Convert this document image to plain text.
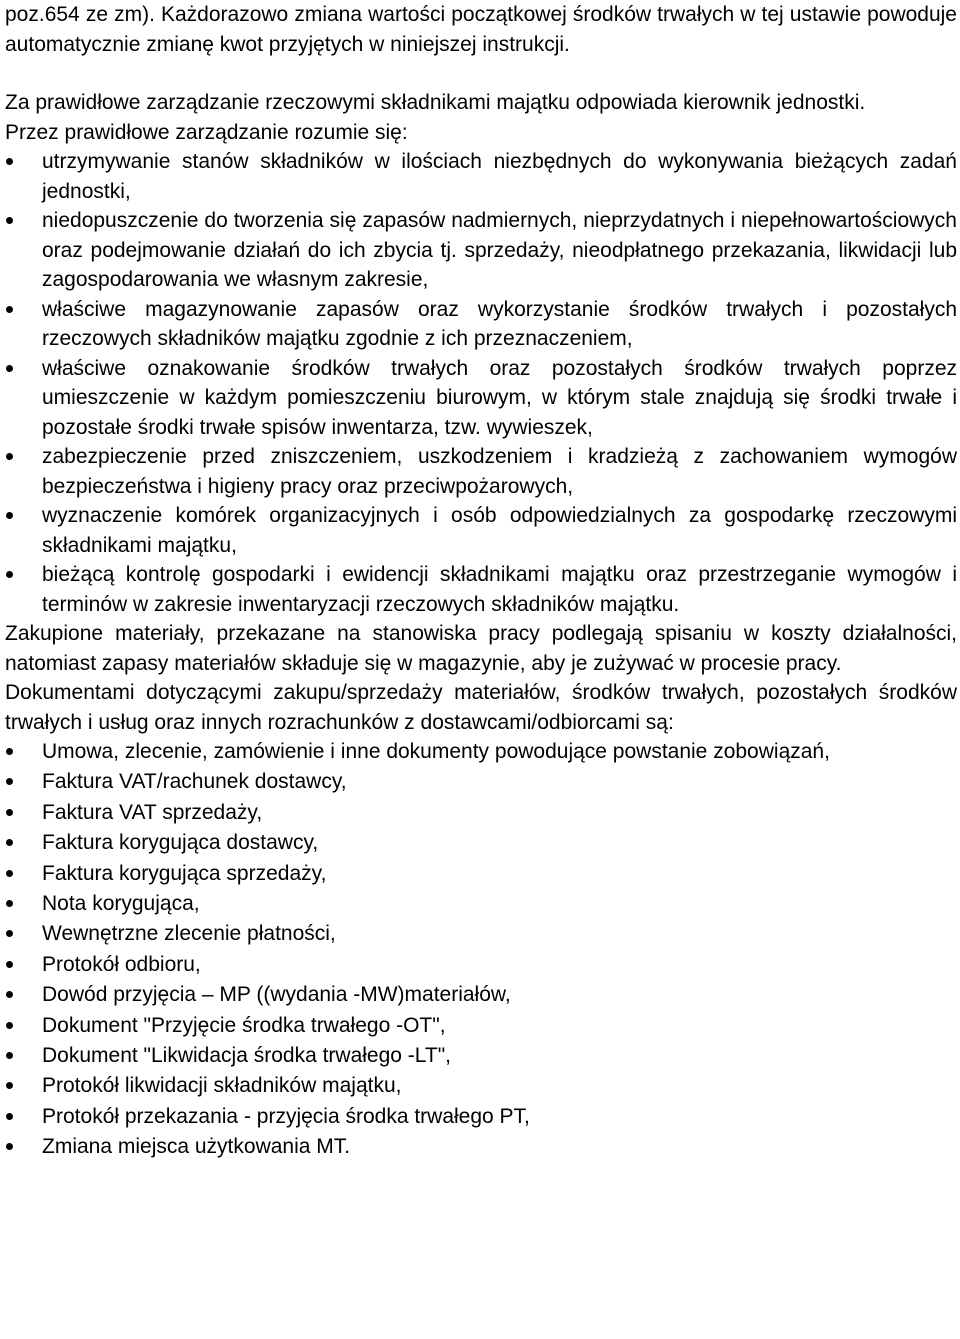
poz.654 ze zm). Każdorazowo zmiana wartości początkowej środków trwałych w tej ustawie powoduje automatycznie zmianę kwot przyjętych w niniejszej instrukcji.

Za prawidłowe zarządzanie rzeczowymi składnikami majątku odpowiada kierownik jednostki.

Przez prawidłowe zarządzanie rozumie się:

utrzymywanie stanów składników w ilościach niezbędnych do wykonywania bieżących zadań jednostki,
niedopuszczenie do tworzenia się zapasów nadmiernych, nieprzydatnych i niepełnowartościowych oraz podejmowanie działań do ich zbycia tj. sprzedaży, nieodpłatnego przekazania, likwidacji lub zagospodarowania we własnym zakresie,
właściwe magazynowanie zapasów oraz wykorzystanie środków trwałych i pozostałych rzeczowych składników majątku zgodnie z ich przeznaczeniem,
właściwe oznakowanie środków trwałych oraz pozostałych środków trwałych poprzez umieszczenie w każdym pomieszczeniu biurowym, w którym stale znajdują się środki trwałe i pozostałe środki trwałe spisów inwentarza, tzw. wywieszek,
zabezpieczenie przed zniszczeniem, uszkodzeniem i kradzieżą z zachowaniem wymogów bezpieczeństwa i higieny pracy oraz przeciwpożarowych,
wyznaczenie komórek organizacyjnych i osób odpowiedzialnych za gospodarkę rzeczowymi składnikami majątku,
bieżącą kontrolę gospodarki i ewidencji składnikami majątku oraz przestrzeganie wymogów i terminów w zakresie inwentaryzacji rzeczowych składników majątku.

Zakupione materiały, przekazane na stanowiska pracy podlegają spisaniu w koszty działalności, natomiast zapasy materiałów składuje się w magazynie, aby je zużywać w procesie pracy.

Dokumentami dotyczącymi zakupu/sprzedaży materiałów, środków trwałych, pozostałych środków trwałych i usług oraz innych rozrachunków z dostawcami/odbiorcami są:

Umowa, zlecenie, zamówienie i inne dokumenty powodujące powstanie zobowiązań,
Faktura VAT/rachunek dostawcy,
Faktura VAT sprzedaży,
Faktura korygująca dostawcy,
Faktura korygująca sprzedaży,
Nota korygująca,
Wewnętrzne zlecenie płatności,
Protokół odbioru,
Dowód przyjęcia – MP ((wydania -MW)materiałów,
Dokument "Przyjęcie środka trwałego -OT",
Dokument "Likwidacja środka trwałego -LT",
Protokół likwidacji składników majątku,
Protokół przekazania - przyjęcia środka trwałego PT,
Zmiana miejsca użytkowania MT.
